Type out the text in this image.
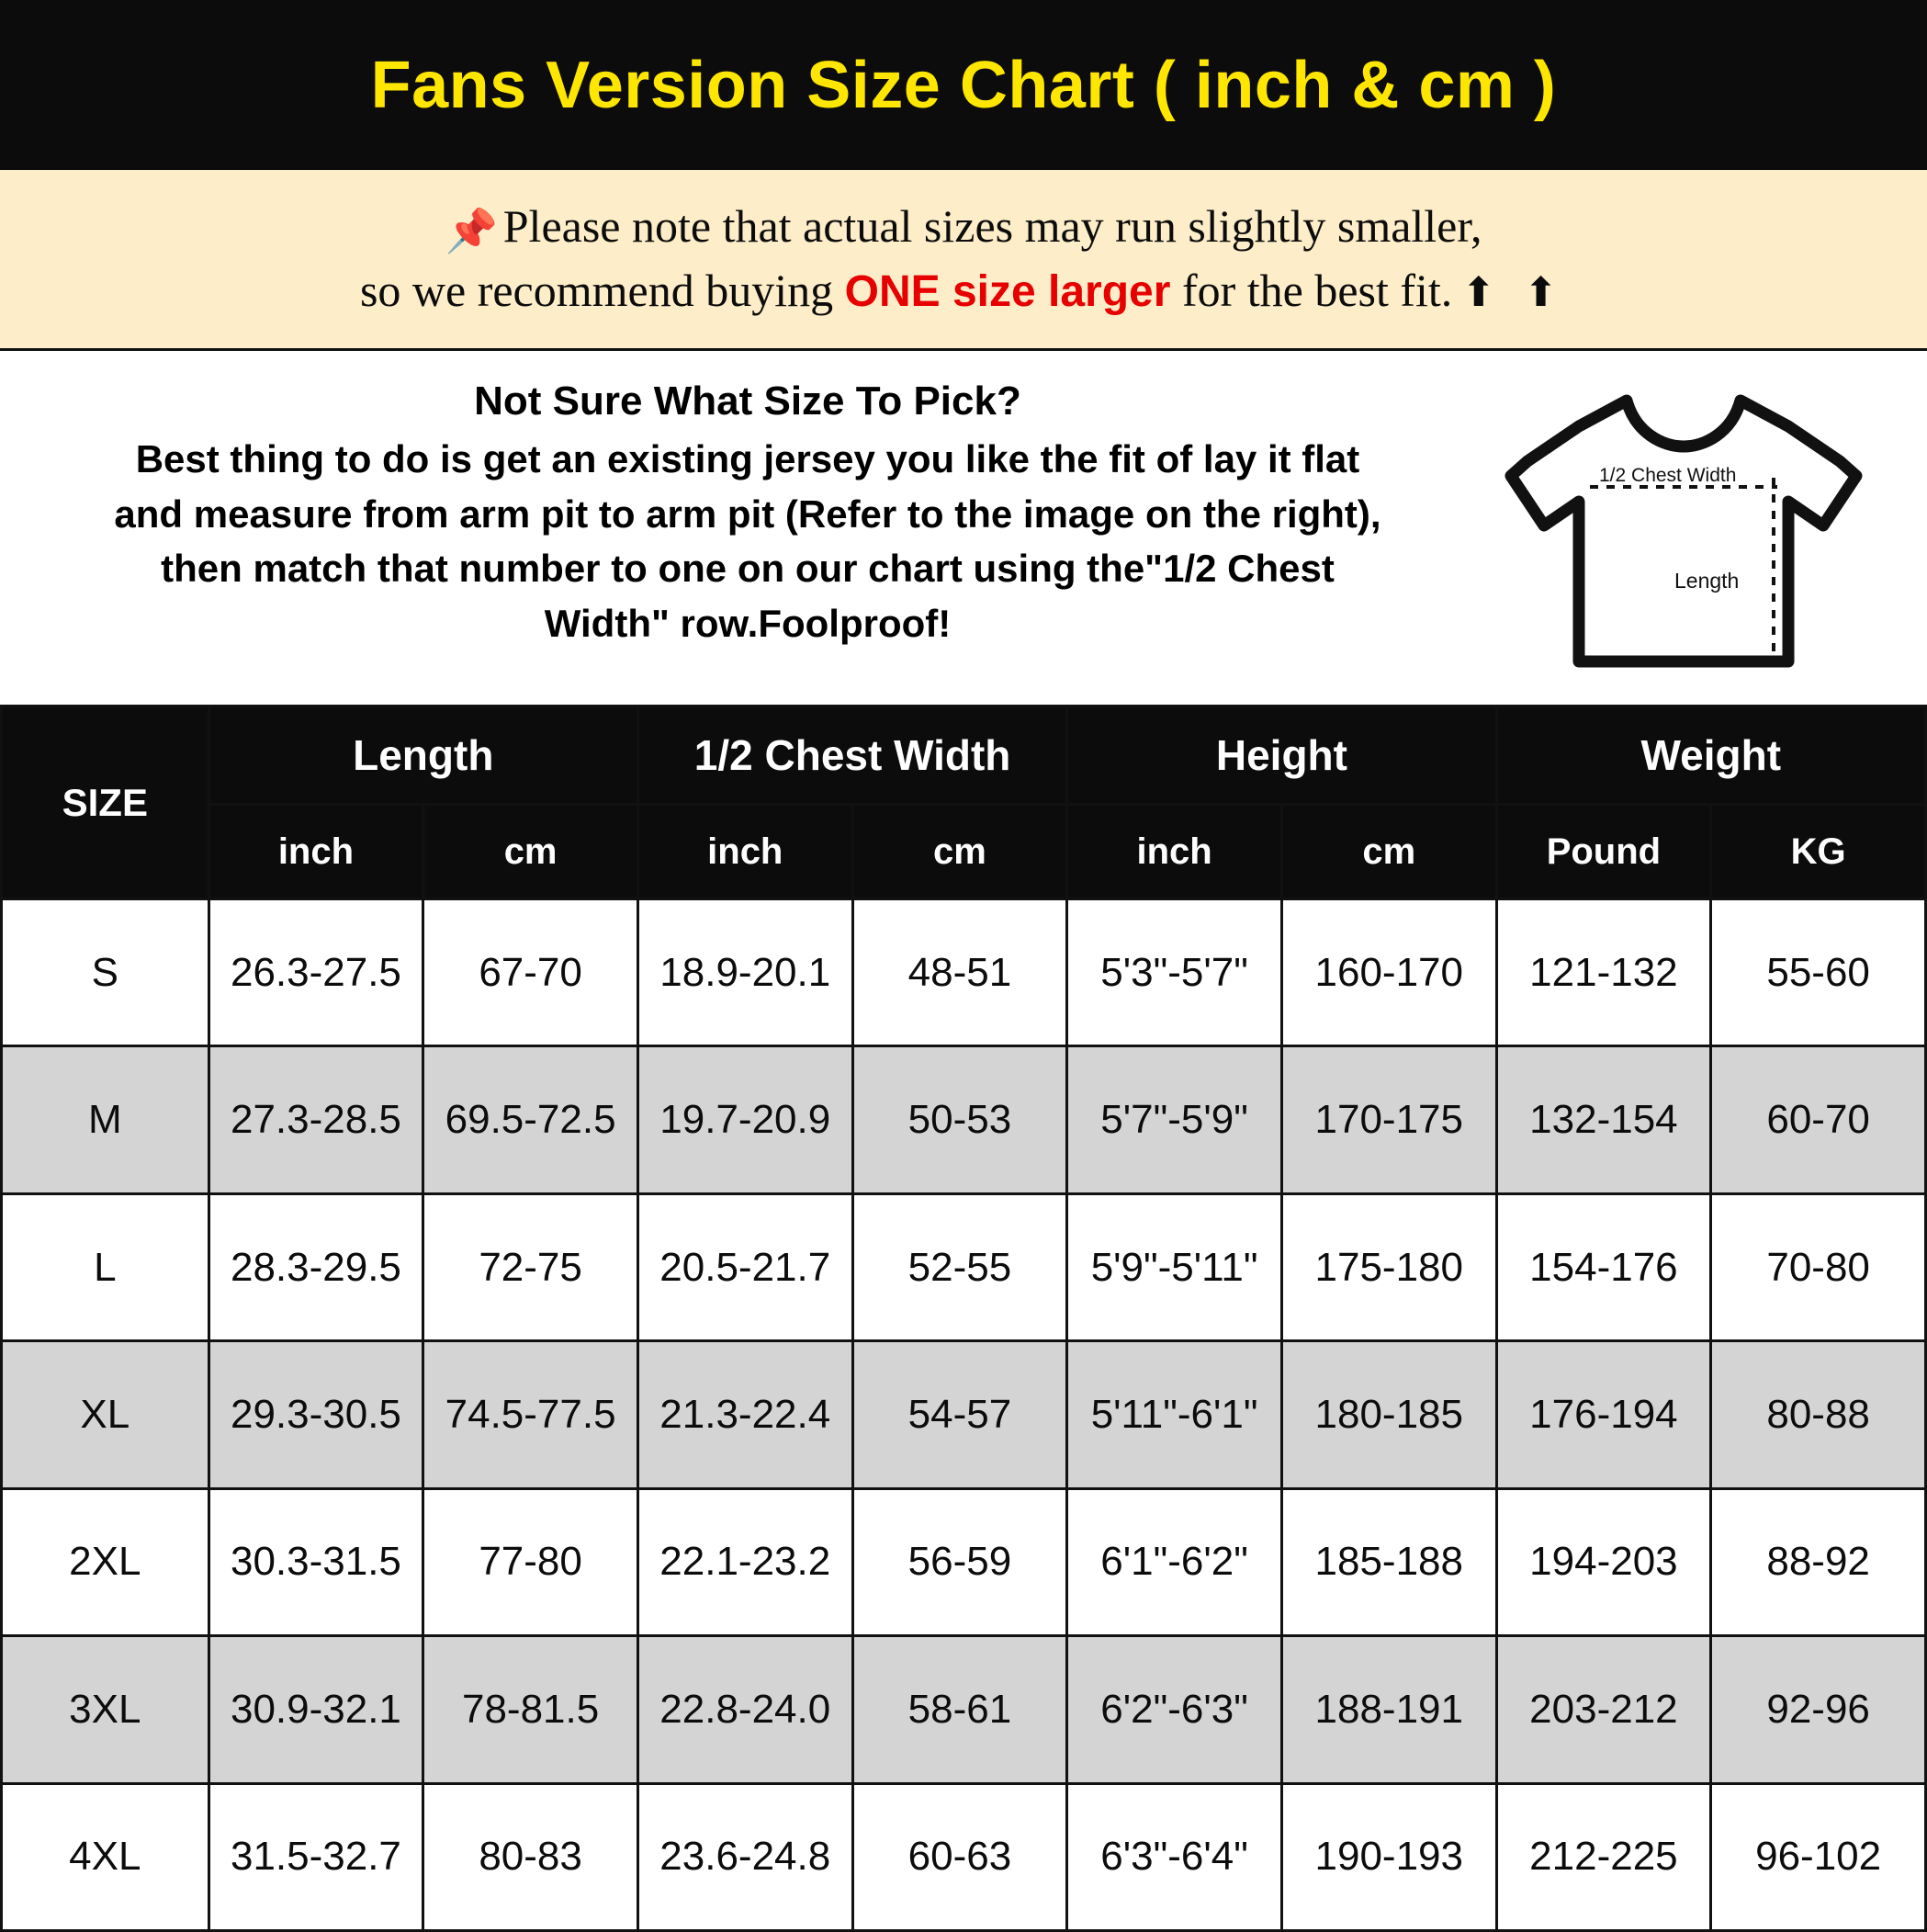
Fans Version Size Chart ( inch & cm )
📌 Please note that actual sizes may run slightly smaller,
so we recommend buying ONE size larger for the best fit. ⬆ ⬆
Not Sure What Size To Pick?
Best thing to do is get an existing jersey you like the fit of lay it flat
and measure from arm pit to arm pit (Refer to the image on the right),
then match that number to one on our chart using the"1/2 Chest
Width" row.Foolproof!
1/2 Chest Width
Length
SIZE	Length		1/2 Chest Width		Height		Weight	
	inch	cm	inch	cm	inch	cm	Pound	KG
S	26.3-27.5	67-70	18.9-20.1	48-51	5'3"-5'7"	160-170	121-132	55-60
M	27.3-28.5	69.5-72.5	19.7-20.9	50-53	5'7"-5'9"	170-175	132-154	60-70
L	28.3-29.5	72-75	20.5-21.7	52-55	5'9"-5'11"	175-180	154-176	70-80
XL	29.3-30.5	74.5-77.5	21.3-22.4	54-57	5'11"-6'1"	180-185	176-194	80-88
2XL	30.3-31.5	77-80	22.1-23.2	56-59	6'1"-6'2"	185-188	194-203	88-92
3XL	30.9-32.1	78-81.5	22.8-24.0	58-61	6'2"-6'3"	188-191	203-212	92-96
4XL	31.5-32.7	80-83	23.6-24.8	60-63	6'3"-6'4"	190-193	212-225	96-102
